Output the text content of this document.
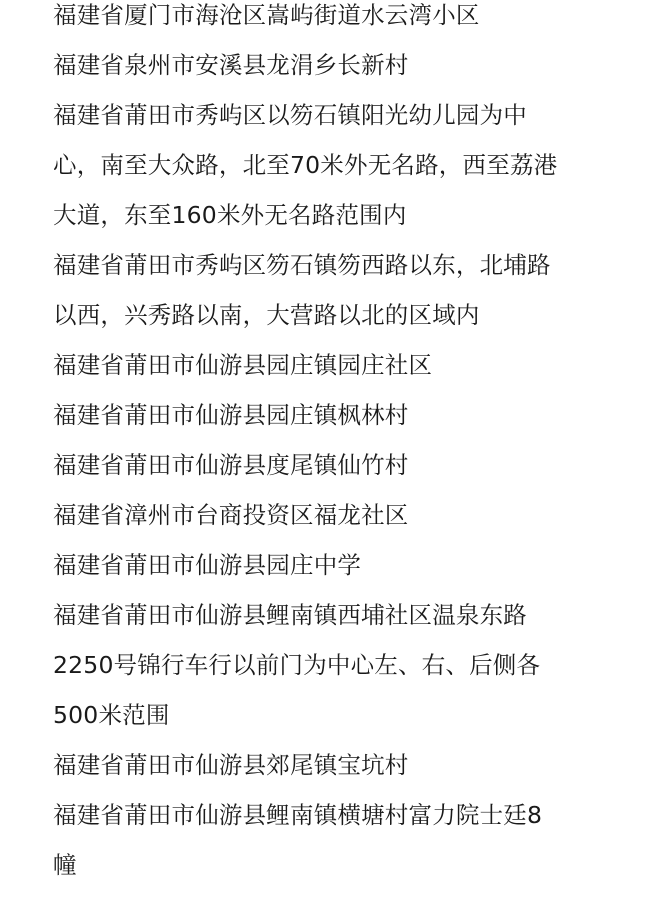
福建省厦门市海沧区嵩屿街道水云湾小区

福建省泉州市安溪县龙涓乡长新村

福建省莆田市秀屿区以笏石镇阳光幼儿园为中
心，南至大众路，北至70米外无名路，西至荔港
大道，东至160米外无名路范围内

福建省莆田市秀屿区笏石镇笏西路以东，北埔路
以西，兴秀路以南，大营路以北的区域内

福建省莆田市仙游县园庄镇园庄社区

福建省莆田市仙游县园庄镇枫林村

福建省莆田市仙游县度尾镇仙竹村

福建省漳州市台商投资区福龙社区

福建省莆田市仙游县园庄中学

福建省莆田市仙游县鲤南镇西埔社区温泉东路
2250号锦行车行以前门为中心左、右、后侧各
500米范围

福建省莆田市仙游县郊尾镇宝坑村

福建省莆田市仙游县鲤南镇横塘村富力院士廷8
幢
